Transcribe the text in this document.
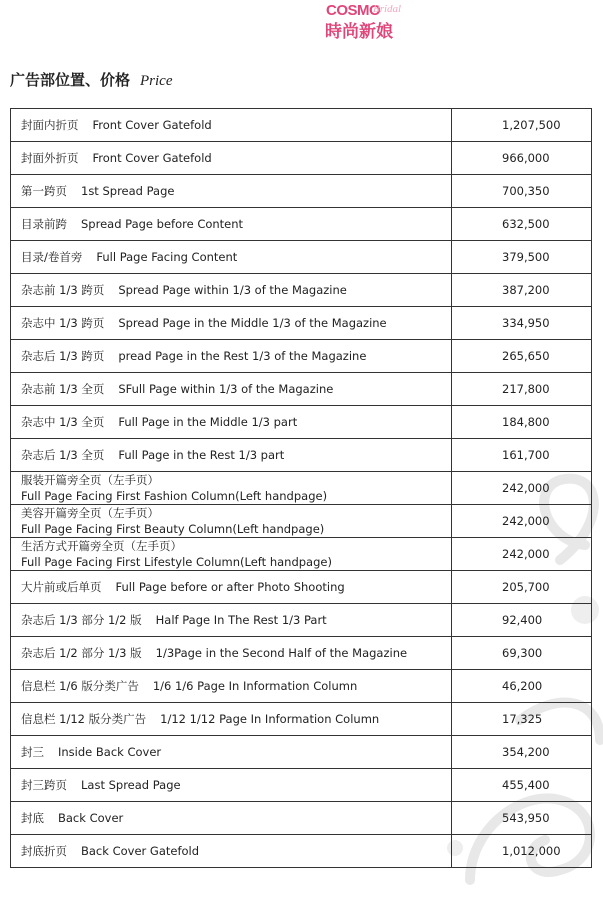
COSMO
Bridal
時尚新娘
广告部位置、价格 Price
封面内折页 Front Cover Gatefold	1,207,500
封面外折页 Front Cover Gatefold	966,000
第一跨页 1st Spread Page	700,350
目录前跨 Spread Page before Content	632,500
目录/卷首旁 Full Page Facing Content	379,500
杂志前 1/3 跨页 Spread Page within 1/3 of the Magazine	387,200
杂志中 1/3 跨页 Spread Page in the Middle 1/3 of the Magazine	334,950
杂志后 1/3 跨页 pread Page in the Rest 1/3 of the Magazine	265,650
杂志前 1/3 全页 SFull Page within 1/3 of the Magazine	217,800
杂志中 1/3 全页 Full Page in the Middle 1/3 part	184,800
杂志后 1/3 全页 Full Page in the Rest 1/3 part	161,700
服装开篇旁全页（左手页）
Full Page Facing First Fashion Column(Left handpage)	242,000
美容开篇旁全页（左手页）
Full Page Facing First Beauty Column(Left handpage)	242,000
生活方式开篇旁全页（左手页）
Full Page Facing First Lifestyle Column(Left handpage)	242,000
大片前或后单页 Full Page before or after Photo Shooting	205,700
杂志后 1/3 部分 1/2 版 Half Page In The Rest 1/3 Part	92,400
杂志后 1/2 部分 1/3 版 1/3Page in the Second Half of the Magazine	69,300
信息栏 1/6 版分类广告 1/6 1/6 Page In Information Column	46,200
信息栏 1/12 版分类广告 1/12 1/12 Page In Information Column	17,325
封三 Inside Back Cover	354,200
封三跨页 Last Spread Page	455,400
封底 Back Cover	543,950
封底折页 Back Cover Gatefold	1,012,000
